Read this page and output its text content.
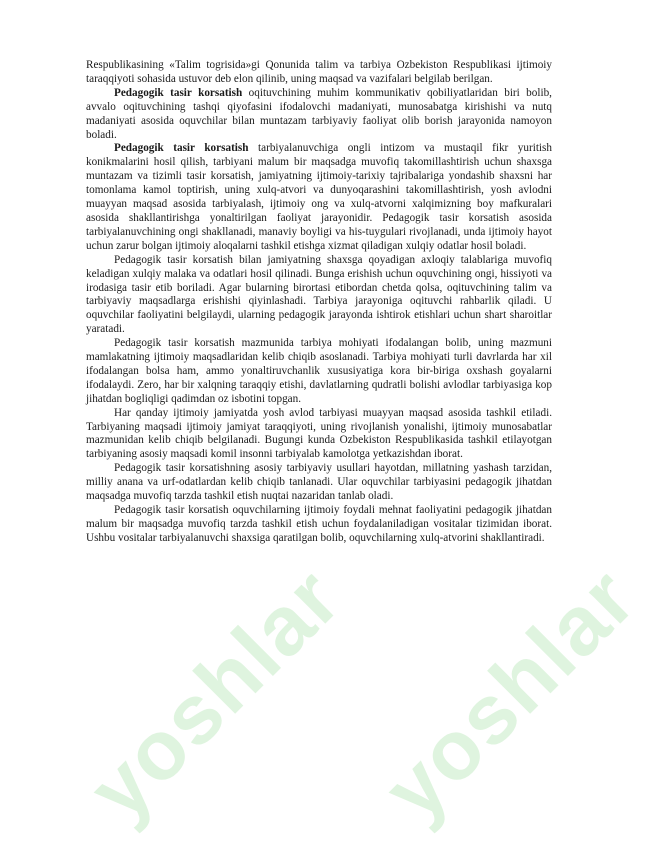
yoshlar yoshlar

Respublikasining «Talim togrisida»gi Qonunida talim va tarbiya Ozbekiston Respublikasi ijtimoiy taraqqiyoti sohasida ustuvor deb elon qilinib, uning maqsad va vazifalari belgilab berilgan.

Pedagogik tasir korsatish oqituvchining muhim kommunikativ qobiliyatlaridan biri bolib, avvalo oqituvchining tashqi qiyofasini ifodalovchi madaniyati, munosabatga kirishishi va nutq madaniyati asosida oquvchilar bilan muntazam tarbiyaviy faoliyat olib borish jarayonida namoyon boladi.

Pedagogik tasir korsatish tarbiyalanuvchiga ongli intizom va mustaqil fikr yuritish konikmalarini hosil qilish, tarbiyani malum bir maqsadga muvofiq takomillashtirish uchun shaxsga muntazam va tizimli tasir korsatish, jamiyatning ijtimoiy-tarixiy tajribalariga yondashib shaxsni har tomonlama kamol toptirish, uning xulq-atvori va dunyoqarashini takomillashtirish, yosh avlodni muayyan maqsad asosida tarbiyalash, ijtimoiy ong va xulq-atvorni xalqimizning boy mafkuralari asosida shakllantirishga yonaltirilgan faoliyat jarayonidir. Pedagogik tasir korsatish asosida tarbiyalanuvchining ongi shakllanadi, manaviy boyligi va his-tuygulari rivojlanadi, unda ijtimoiy hayot uchun zarur bolgan ijtimoiy aloqalarni tashkil etishga xizmat qiladigan xulqiy odatlar hosil boladi.

Pedagogik tasir korsatish bilan jamiyatning shaxsga qoyadigan axloqiy talablariga muvofiq keladigan xulqiy malaka va odatlari hosil qilinadi. Bunga erishish uchun oquvchining ongi, hissiyoti va irodasiga tasir etib boriladi. Agar bularning birortasi etibordan chetda qolsa, oqituvchining talim va tarbiyaviy maqsadlarga erishishi qiyinlashadi. Tarbiya jarayoniga oqituvchi rahbarlik qiladi. U oquvchilar faoliyatini belgilaydi, ularning pedagogik jarayonda ishtirok etishlari uchun shart sharoitlar yaratadi.

Pedagogik tasir korsatish mazmunida tarbiya mohiyati ifodalangan bolib, uning mazmuni mamlakatning ijtimoiy maqsadlaridan kelib chiqib asoslanadi. Tarbiya mohiyati turli davrlarda har xil ifodalangan bolsa ham, ammo yonaltiruvchanlik xususiyatiga kora bir-biriga oxshash goyalarni ifodalaydi. Zero, har bir xalqning taraqqiy etishi, davlatlarning qudratli bolishi avlodlar tarbiyasiga kop jihatdan bogliqligi qadimdan oz isbotini topgan.

Har qanday ijtimoiy jamiyatda yosh avlod tarbiyasi muayyan maqsad asosida tashkil etiladi. Tarbiyaning maqsadi ijtimoiy jamiyat taraqqiyoti, uning rivojlanish yonalishi, ijtimoiy munosabatlar mazmunidan kelib chiqib belgilanadi. Bugungi kunda Ozbekiston Respublikasida tashkil etilayotgan tarbiyaning asosiy maqsadi komil insonni tarbiyalab kamolotga yetkazishdan iborat.

Pedagogik tasir korsatishning asosiy tarbiyaviy usullari hayotdan, millatning yashash tarzidan, milliy anana va urf-odatlardan kelib chiqib tanlanadi. Ular oquvchilar tarbiyasini pedagogik jihatdan maqsadga muvofiq tarzda tashkil etish nuqtai nazaridan tanlab oladi.

Pedagogik tasir korsatish oquvchilarning ijtimoiy foydali mehnat faoliyatini pedagogik jihatdan malum bir maqsadga muvofiq tarzda tashkil etish uchun foydalaniladigan vositalar tizimidan iborat. Ushbu vositalar tarbiyalanuvchi shaxsiga qaratilgan bolib, oquvchilarning xulq-atvorini shakllantiradi.
